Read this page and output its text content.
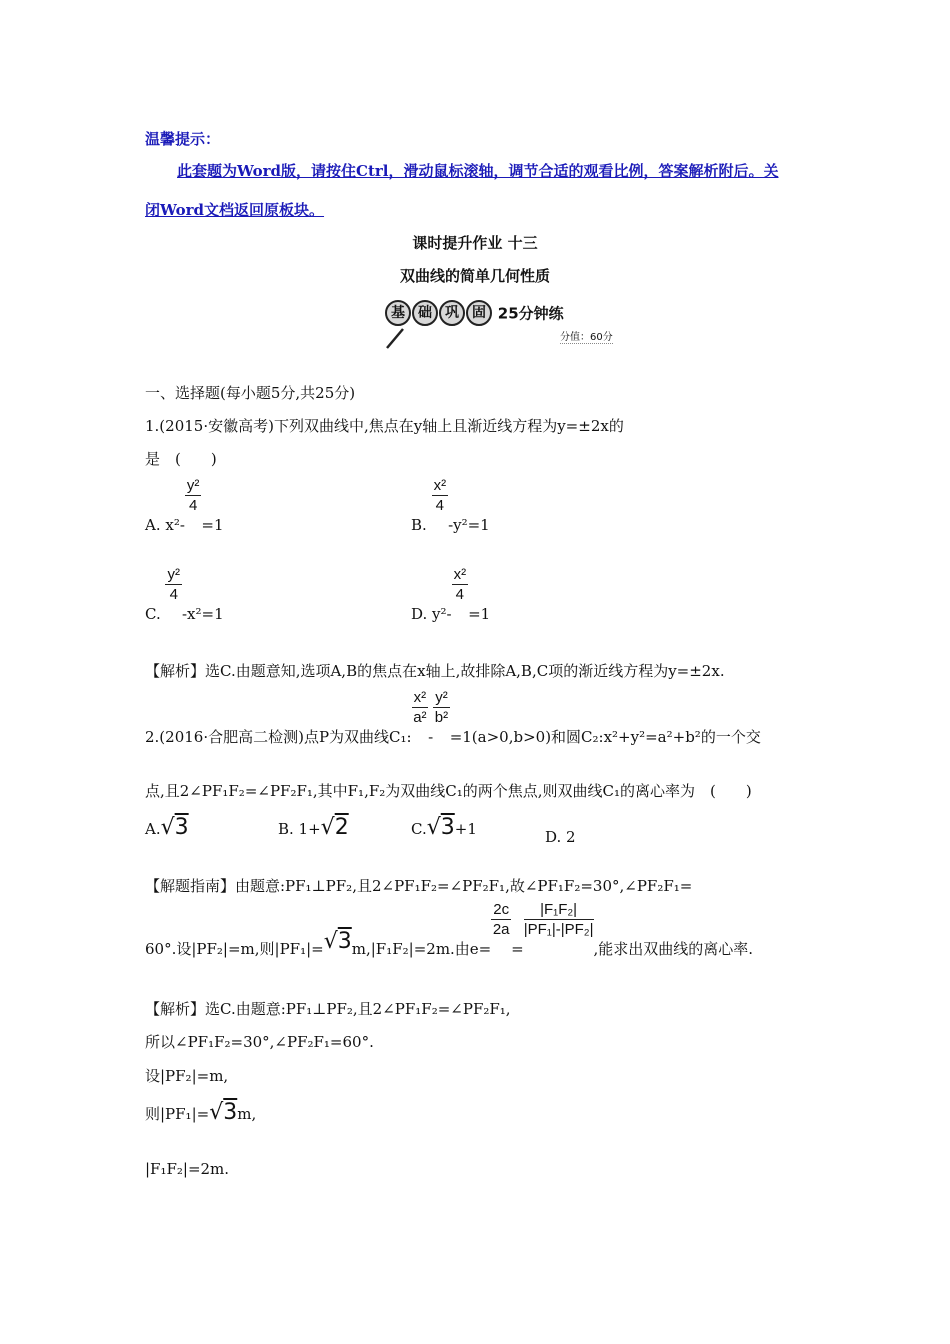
温馨提示：
此套题为Word版，请按住Ctrl，滑动鼠标滚轴，调节合适的观看比例，答案解析附后。关
闭Word文档返回原板块。
课时提升作业 十三
双曲线的简单几何性质
基 础 巩 固 25分钟练
分值：60分
一、选择题(每小题5分,共25分)
1.(2015·安徽高考)下列双曲线中,焦点在y轴上且渐近线方程为y=±2x的
是　(　　)
A. x²-
$\frac{\text{y²}}{4}$
=1	B.
$\frac{\text{x²}}{4}$
-y²=1
C.
$\frac{\text{y²}}{4}$
-x²=1	D. y²-
$\frac{\text{x²}}{4}$
=1
【解析】选C.由题意知,选项A,B的焦点在x轴上,故排除A,B,C项的渐近线方程为y=±2x.
2.(2016·合肥高二检测)点P为双曲线C₁:
$\frac{\text{x²}}{\text{a²}}$
-
$\frac{\text{y²}}{\text{b²}}$
=1(a>0,b>0)和圆C₂:x²+y²=a²+b²的一个交
点,且2∠PF₁F₂=∠PF₂F₁,其中F₁,F₂为双曲线C₁的两个焦点,则双曲线C₁的离心率为　(　　)
A.√3	B. 1+√2	C.√3+1	D. 2
【解题指南】由题意:PF₁⊥PF₂,且2∠PF₁F₂=∠PF₂F₁,故∠PF₁F₂=30°,∠PF₂F₁=
60°.设|PF₂|=m,则|PF₁|=√3m,|F₁F₂|=2m.由e=
$\frac{2c}{2a}$
=
$\frac{\text{|F₁F₂|}}{\text{|PF₁|-|PF₂|}}$
,能求出双曲线的离心率.
【解析】选C.由题意:PF₁⊥PF₂,且2∠PF₁F₂=∠PF₂F₁,
所以∠PF₁F₂=30°,∠PF₂F₁=60°.
设|PF₂|=m,
则|PF₁|=√3m,
|F₁F₂|=2m.
